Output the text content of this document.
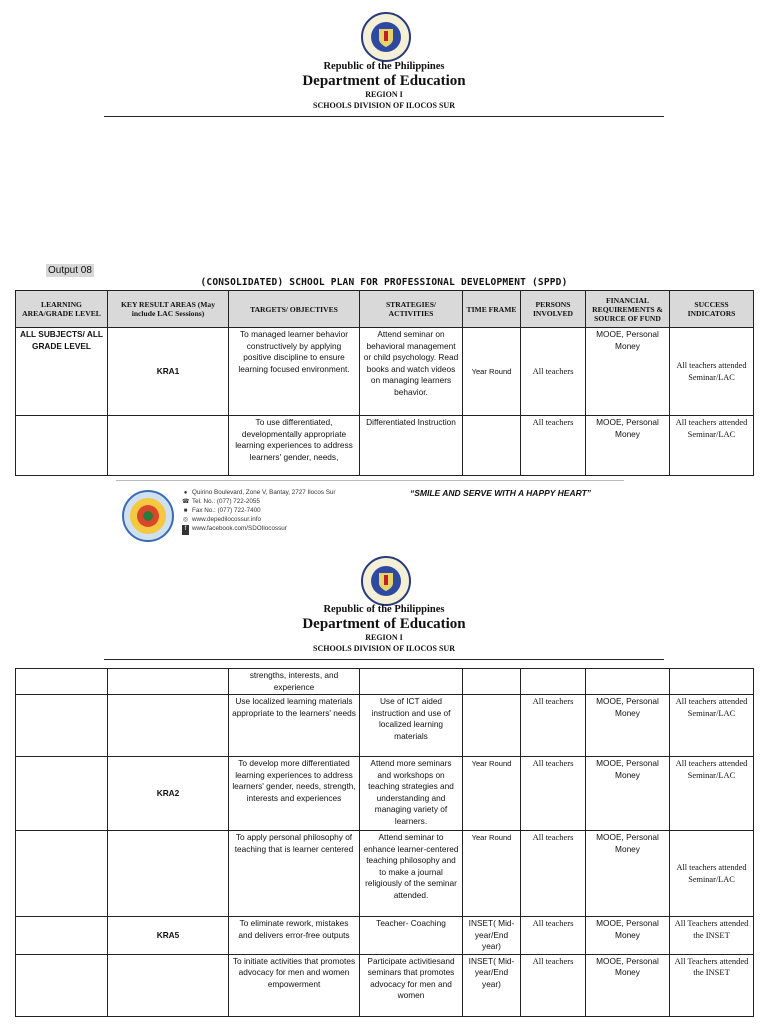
Republic of the Philippines
Department of Education
REGION I
SCHOOLS DIVISION OF ILOCOS SUR
Output 08
(CONSOLIDATED) SCHOOL PLAN FOR PROFESSIONAL DEVELOPMENT (SPPD)
LEARNING AREA/GRADE LEVEL	KEY RESULT AREAS (May include LAC Sessions)	TARGETS/ OBJECTIVES	STRATEGIES/ ACTIVITIES	TIME FRAME	PERSONS INVOLVED	FINANCIAL REQUIREMENTS & SOURCE OF FUND	SUCCESS INDICATORS
ALL SUBJECTS/ ALL GRADE LEVEL	KRA1	To managed learner behavior constructively by applying positive discipline to ensure learning focused environment.	Attend seminar on behavioral management or child psychology. Read books and watch videos on managing learners behavior.	Year Round	All teachers	MOOE, Personal Money	All teachers attended Seminar/LAC
		To use differentiated, developmentally appropriate learning experiences to address learners' gender, needs,	Differentiated Instruction		All teachers	MOOE, Personal Money	All teachers attended Seminar/LAC
● Quirino Boulevard, Zone V, Bantay, 2727 Ilocos Sur
☎ Tel. No.: (077) 722-2055
■ Fax No.: (077) 722-7400
◎ www.depedilocossur.info
f www.facebook.com/SDOIlocossur
“SMILE AND SERVE WITH A HAPPY HEART”
Republic of the Philippines
Department of Education
REGION I
SCHOOLS DIVISION OF ILOCOS SUR
		strengths, interests, and experience					
		Use localized learning materials appropriate to the learners' needs	Use of ICT aided instruction and use of localized learning materials		All teachers	MOOE, Personal Money	All teachers attended Seminar/LAC
	KRA2	To develop more differentiated learning experiences to address learners' gender, needs, strength, interests and experiences	Attend more seminars and workshops on teaching strategies and understanding and managing variety of learners.	Year Round	All teachers	MOOE, Personal Money	All teachers attended Seminar/LAC
		To apply personal philosophy of teaching that is learner centered	Attend seminar to enhance learner-centered teaching philosophy and to make a journal religiously of the seminar attended.	Year Round	All teachers	MOOE, Personal Money	All teachers attended Seminar/LAC
	KRA5	To eliminate rework, mistakes and delivers error-free outputs	Teacher- Coaching	INSET( Mid-year/End year)	All teachers	MOOE, Personal Money	All Teachers attended the INSET
		To initiate activities that promotes advocacy for men and women empowerment	Participate activitiesand seminars that promotes advocacy for men and women	INSET( Mid-year/End year)	All teachers	MOOE, Personal Money	All Teachers attended the INSET
